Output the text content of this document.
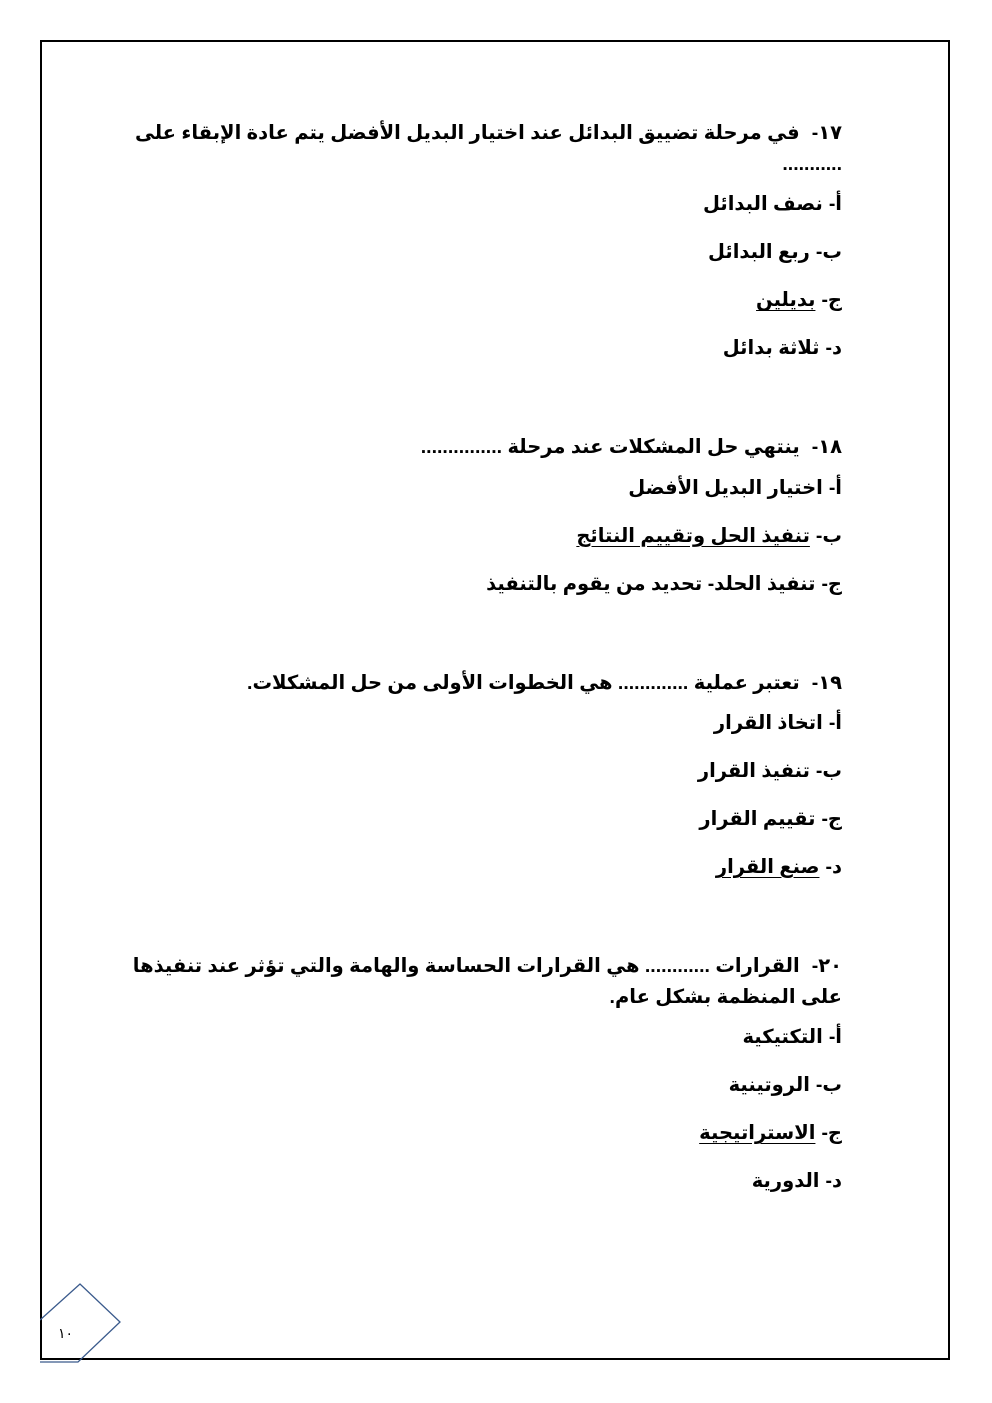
١٧-في مرحلة تضييق البدائل عند اختيار البديل الأفضل يتم عادة الإبقاء على ...........

أ-نصف البدائل
ب-ربع البدائل
ج-بديلين
د-ثلاثة بدائل

١٨-ينتهي حل المشكلات عند مرحلة ...............

أ-اختيار البديل الأفضل
ب-تنفيذ الحل وتقييم النتائج
ج-تنفيذ الحلد- تحديد من يقوم بالتنفيذ

١٩-تعتبر عملية ............. هي الخطوات الأولى من حل المشكلات.

أ-اتخاذ القرار
ب-تنفيذ القرار
ج-تقييم القرار
د-صنع القرار

٢٠-القرارات ............ هي القرارات الحساسة والهامة والتي تؤثر عند تنفيذها على المنظمة بشكل عام.

أ-التكتيكية
ب-الروتينية
ج-الاستراتيجية
د-الدورية
١٠
